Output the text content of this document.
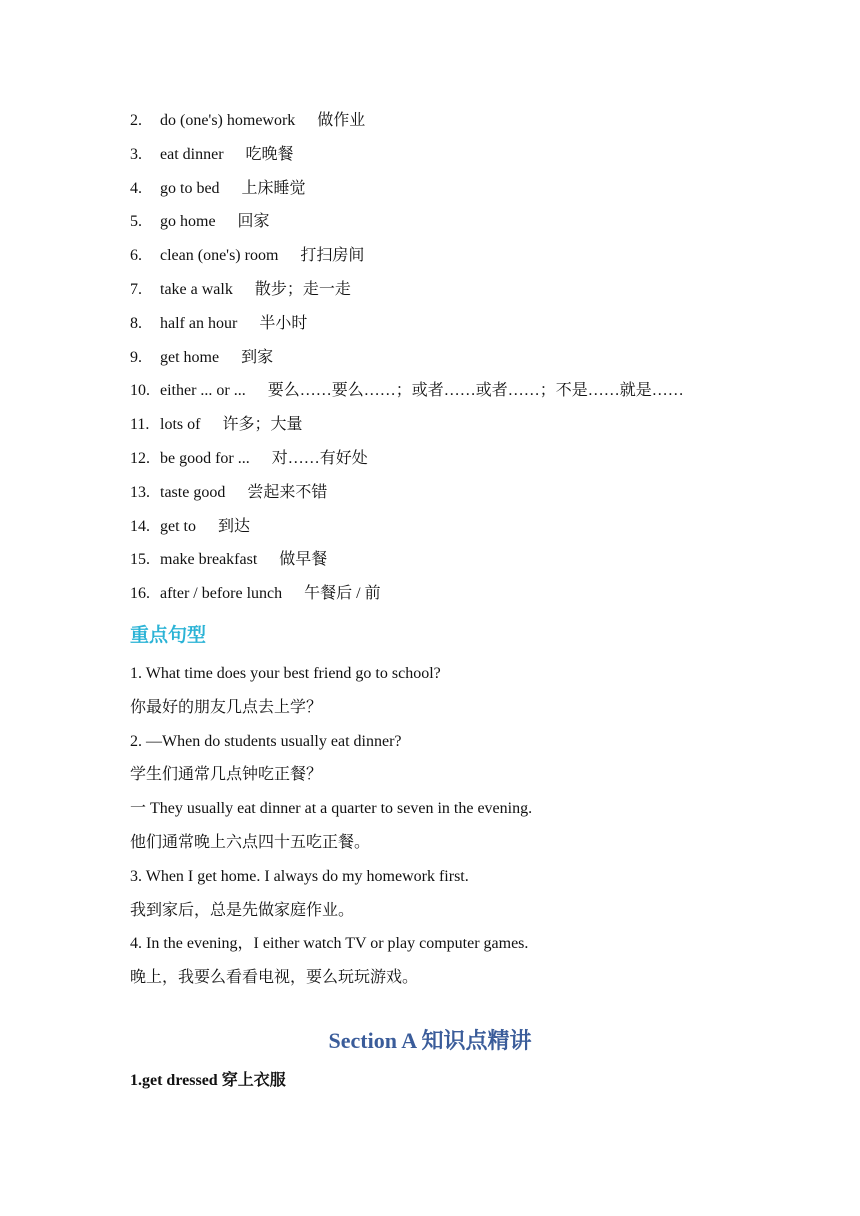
2.	do (one's) homework 做作业
3.	eat dinner 吃晚餐
4.	go to bed 上床睡觉
5.	go home 回家
6.	clean (one's) room 打扫房间
7.	take a walk 散步；走一走
8.	half an hour 半小时
9.	get home 到家
10. either ... or ... 要么……要么……；或者……或者……；不是……就是……
11. lots of 许多；大量
12. be good for ... 对……有好处
13. taste good 尝起来不错
14. get to 到达
15. make breakfast 做早餐
16. after / before lunch 午餐后 / 前
重点句型
1. What time does your best friend go to school?
你最好的朋友几点去上学？
2. —When do students usually eat dinner?
学生们通常几点钟吃正餐？
一 They usually eat dinner at a quarter to seven in the evening.
他们通常晚上六点四十五吃正餐。
3. When I get home. I always do my homework first.
我到家后，总是先做家庭作业。
4. In the evening，I either watch TV or play computer games.
晚上，我要么看看电视，要么玩玩游戏。
Section A 知识点精讲
1.get dressed 穿上衣服
